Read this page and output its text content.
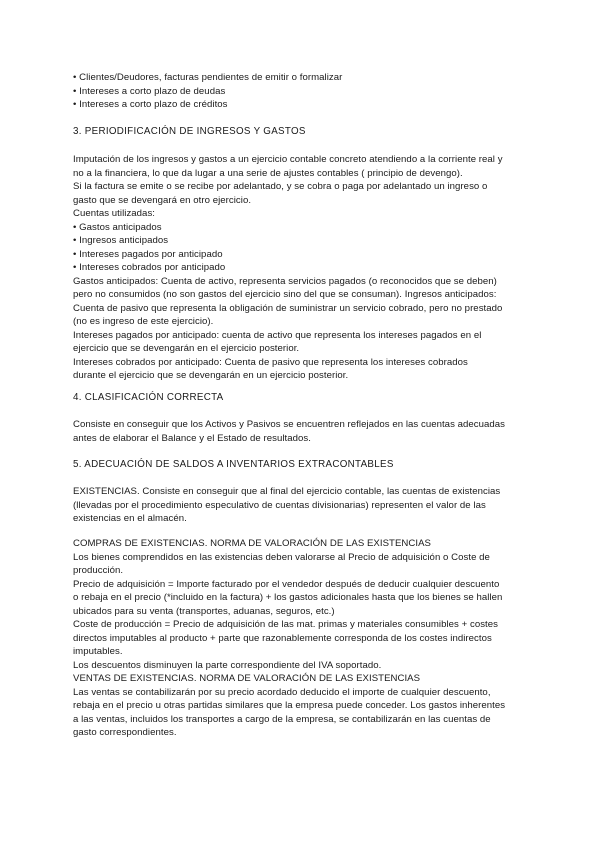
• Clientes/Deudores, facturas pendientes de emitir o formalizar
• Intereses a corto plazo de deudas
• Intereses a corto plazo de créditos
3. PERIODIFICACIÓN DE INGRESOS Y GASTOS
Imputación de los ingresos y gastos a un ejercicio contable concreto atendiendo a la corriente real y
no a la financiera, lo que da lugar a una serie de ajustes contables ( principio de devengo).
Si la factura se emite o se recibe por adelantado, y se cobra o paga por adelantado un ingreso o
gasto que se devengará en otro ejercicio.
Cuentas utilizadas:
• Gastos anticipados
• Ingresos anticipados
• Intereses pagados por anticipado
• Intereses cobrados por anticipado
Gastos anticipados: Cuenta de activo, representa servicios pagados (o reconocidos que se deben)
pero no consumidos (no son gastos del ejercicio sino del que se consuman). Ingresos anticipados:
Cuenta de pasivo que representa la obligación de suministrar un servicio cobrado, pero no prestado
(no es ingreso de este ejercicio).
Intereses pagados por anticipado: cuenta de activo que representa los intereses pagados en el
ejercicio que se devengarán en el ejercicio posterior.
Intereses cobrados por anticipado: Cuenta de pasivo que representa los intereses cobrados
durante el ejercicio que se devengarán en un ejercicio posterior.
4. CLASIFICACIÓN CORRECTA
Consiste en conseguir que los Activos y Pasivos se encuentren reflejados en las cuentas adecuadas
antes de elaborar el Balance y el Estado de resultados.
5. ADECUACIÓN DE SALDOS A INVENTARIOS EXTRACONTABLES
EXISTENCIAS. Consiste en conseguir que al final del ejercicio contable, las cuentas de existencias
(llevadas por el procedimiento especulativo de cuentas divisionarias) representen el valor de las
existencias en el almacén.
COMPRAS DE EXISTENCIAS. NORMA DE VALORACIÓN DE LAS EXISTENCIAS
Los bienes comprendidos en las existencias deben valorarse al Precio de adquisición o Coste de
producción.
Precio de adquisición = Importe facturado por el vendedor después de deducir cualquier descuento
o rebaja en el precio (*incluido en la factura) + los gastos adicionales hasta que los bienes se hallen
ubicados para su venta (transportes, aduanas, seguros, etc.)
Coste de producción = Precio de adquisición de las mat. primas y materiales consumibles + costes
directos imputables al producto + parte que razonablemente corresponda de los costes indirectos
imputables.
Los descuentos disminuyen la parte correspondiente del IVA soportado.
VENTAS DE EXISTENCIAS. NORMA DE VALORACIÓN DE LAS EXISTENCIAS
Las ventas se contabilizarán por su precio acordado deducido el importe de cualquier descuento,
rebaja en el precio u otras partidas similares que la empresa puede conceder. Los gastos inherentes
a las ventas, incluidos los transportes a cargo de la empresa, se contabilizarán en las cuentas de
gasto correspondientes.
